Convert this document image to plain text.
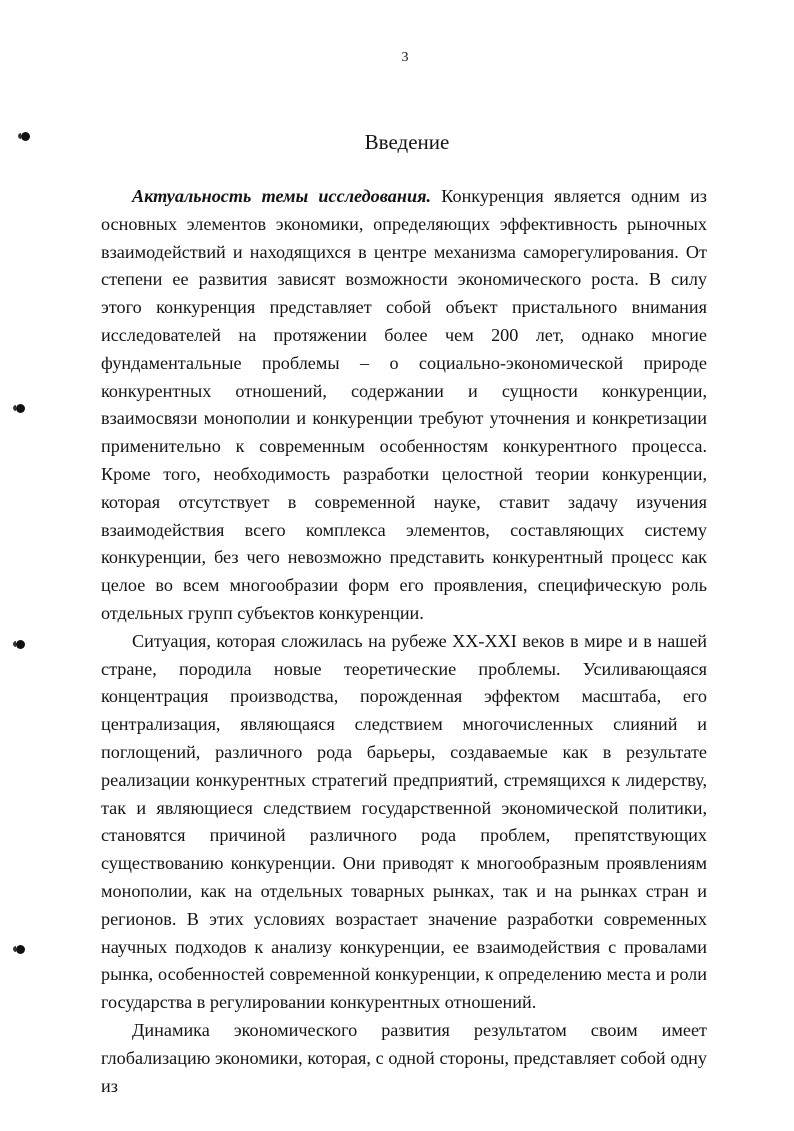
3
Введение

Актуальность темы исследования. Конкуренция является одним из основных элементов экономики, определяющих эффективность рыночных взаимодействий и находящихся в центре механизма саморегулирования. От степени ее развития зависят возможности экономического роста. В силу этого конкуренция представляет собой объект пристального внимания исследователей на протяжении более чем 200 лет, однако многие фундаментальные проблемы – о социально-экономической природе конкурентных отношений, содержании и сущности конкуренции, взаимосвязи монополии и конкуренции требуют уточнения и конкретизации применительно к современным особенностям конкурентного процесса. Кроме того, необходимость разработки целостной теории конкуренции, которая отсутствует в современной науке, ставит задачу изучения взаимодействия всего комплекса элементов, составляющих систему конкуренции, без чего невозможно представить конкурентный процесс как целое во всем многообразии форм его проявления, специфическую роль отдельных групп субъектов конкуренции.

Ситуация, которая сложилась на рубеже XX-XXI веков в мире и в нашей стране, породила новые теоретические проблемы. Усиливающаяся концентрация производства, порожденная эффектом масштаба, его централизация, являющаяся следствием многочисленных слияний и поглощений, различного рода барьеры, создаваемые как в результате реализации конкурентных стратегий предприятий, стремящихся к лидерству, так и являющиеся следствием государственной экономической политики, становятся причиной различного рода проблем, препятствующих существованию конкуренции. Они приводят к многообразным проявлениям монополии, как на отдельных товарных рынках, так и на рынках стран и регионов. В этих условиях возрастает значение разработки современных научных подходов к анализу конкуренции, ее взаимодействия с провалами рынка, особенностей современной конкуренции, к определению места и роли государства в регулировании конкурентных отношений.

Динамика экономического развития результатом своим имеет глобализацию экономики, которая, с одной стороны, представляет собой одну из
